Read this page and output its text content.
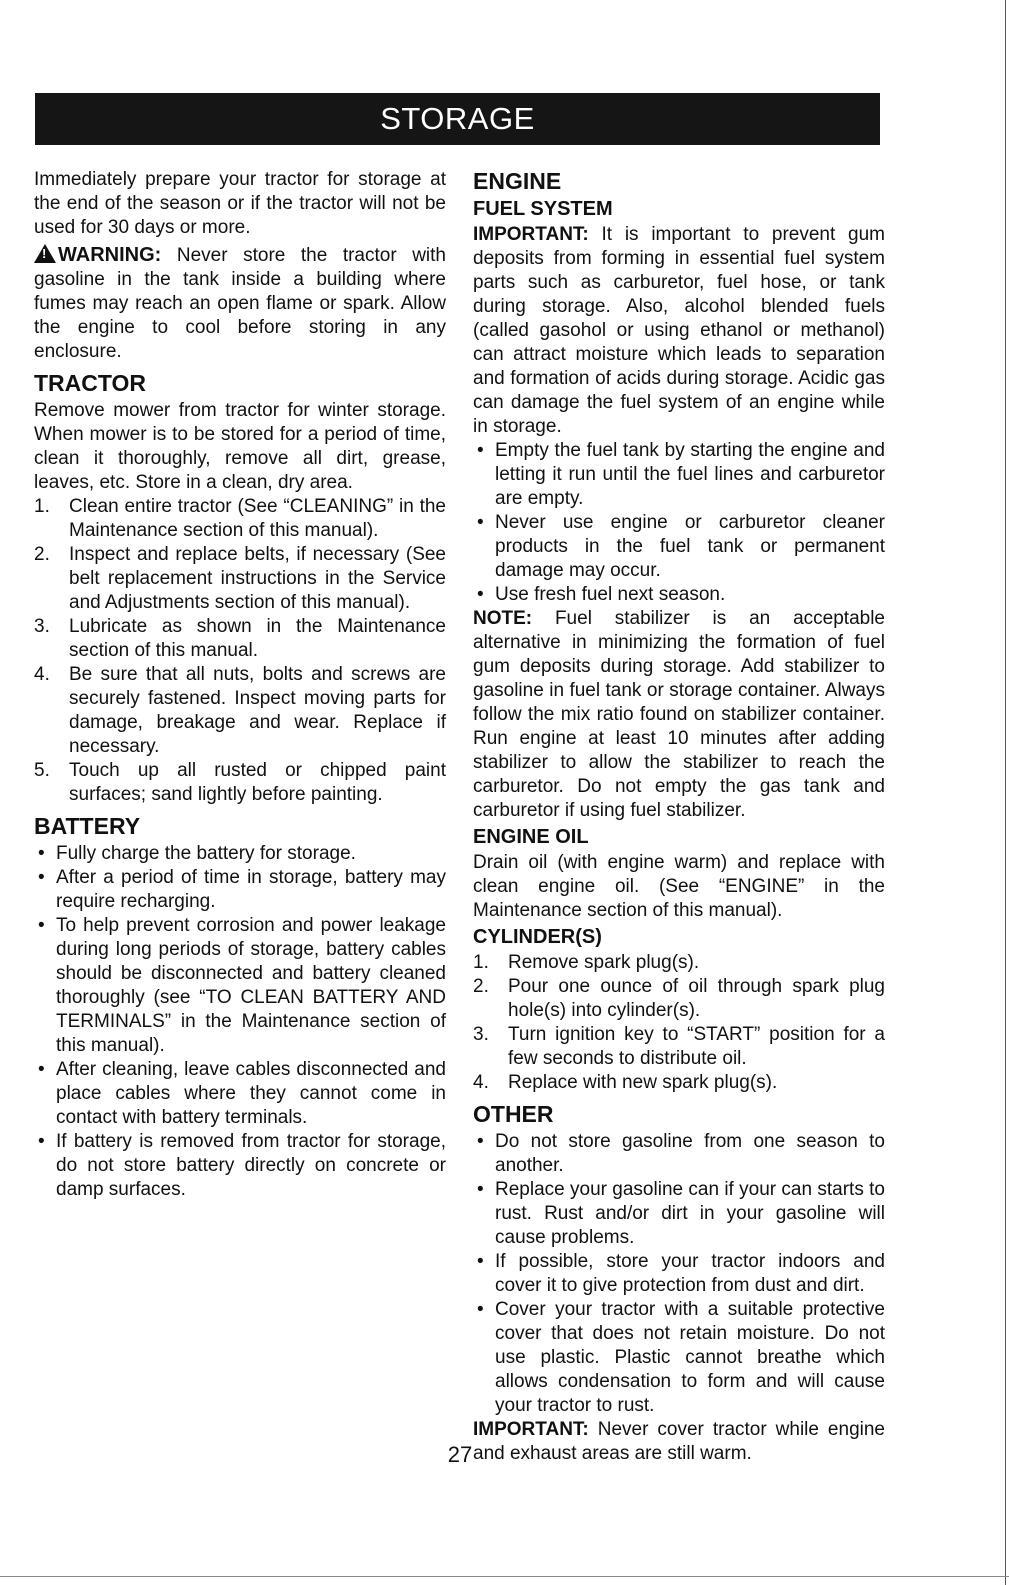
STORAGE

Immediately prepare your tractor for storage at the end of the season or if the tractor will not be used for 30 days or more.

!WARNING: Never store the tractor with gasoline in the tank inside a building where fumes may reach an open flame or spark. Allow the engine to cool before storing in any enclosure.

TRACTOR

Remove mower from tractor for winter storage. When mower is to be stored for a period of time, clean it thoroughly, remove all dirt, grease, leaves, etc. Store in a clean, dry area.

1. Clean entire tractor (See “CLEANING” in the Maintenance section of this manual).
2. Inspect and replace belts, if necessary (See belt replacement instructions in the Service and Adjustments section of this manual).
3. Lubricate as shown in the Maintenance section of this manual.
4. Be sure that all nuts, bolts and screws are securely fastened. Inspect moving parts for damage, breakage and wear. Replace if necessary.
5. Touch up all rusted or chipped paint surfaces; sand lightly before painting.
BATTERY
• Fully charge the battery for storage.
• After a period of time in storage, battery may require recharging.
• To help prevent corrosion and power leakage during long periods of storage, battery cables should be disconnected and battery cleaned thoroughly (see “TO CLEAN BATTERY AND TERMINALS” in the Maintenance section of this manual).
• After cleaning, leave cables disconnected and place cables where they cannot come in contact with battery terminals.
• If battery is removed from tractor for storage, do not store battery directly on concrete or damp surfaces.
ENGINE
FUEL SYSTEM

IMPORTANT: It is important to prevent gum deposits from forming in essential fuel system parts such as carburetor, fuel hose, or tank during storage. Also, alcohol blended fuels (called gasohol or using ethanol or methanol) can attract moisture which leads to separation and formation of acids during storage. Acidic gas can damage the fuel system of an engine while in storage.

• Empty the fuel tank by starting the engine and letting it run until the fuel lines and carburetor are empty.
• Never use engine or carburetor cleaner products in the fuel tank or permanent damage may occur.
• Use fresh fuel next season.

NOTE: Fuel stabilizer is an acceptable alternative in minimizing the formation of fuel gum deposits during storage. Add stabilizer to gasoline in fuel tank or storage container. Always follow the mix ratio found on stabilizer container. Run engine at least 10 minutes after adding stabilizer to allow the stabilizer to reach the carburetor. Do not empty the gas tank and carburetor if using fuel stabilizer.

ENGINE OIL

Drain oil (with engine warm) and replace with clean engine oil. (See “ENGINE” in the Maintenance section of this manual).

CYLINDER(S)
1. Remove spark plug(s).
2. Pour one ounce of oil through spark plug hole(s) into cylinder(s).
3. Turn ignition key to “START” position for a few seconds to distribute oil.
4. Replace with new spark plug(s).
OTHER
• Do not store gasoline from one season to another.
• Replace your gasoline can if your can starts to rust. Rust and/or dirt in your gasoline will cause problems.
• If possible, store your tractor indoors and cover it to give protection from dust and dirt.
• Cover your tractor with a suitable protective cover that does not retain moisture. Do not use plastic. Plastic cannot breathe which allows condensation to form and will cause your tractor to rust.

IMPORTANT: Never cover tractor while engine and exhaust areas are still warm.

27
